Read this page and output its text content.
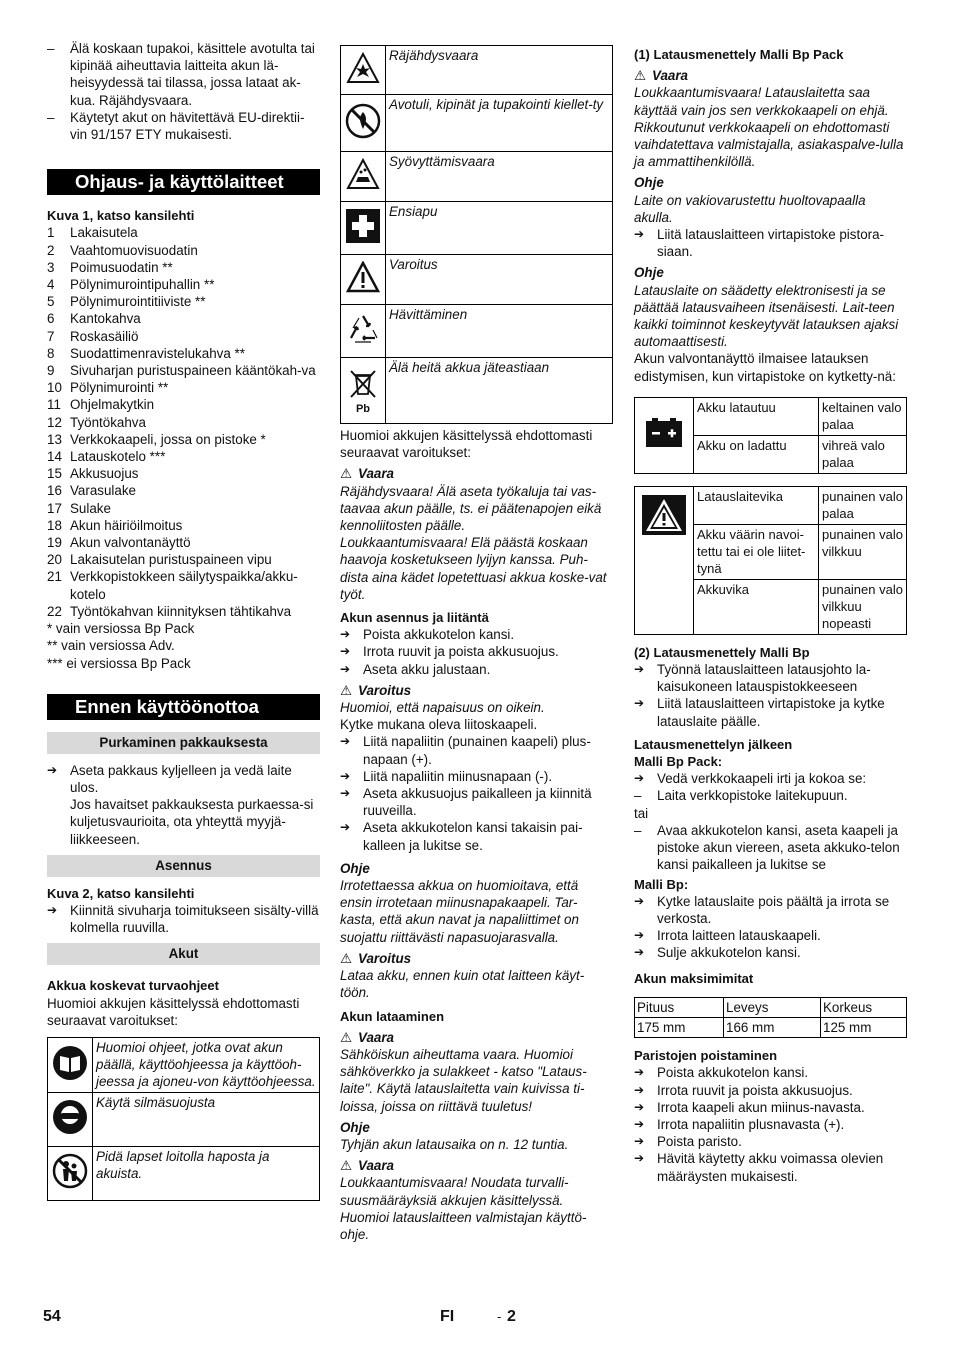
– Älä koskaan tupakoi, käsittele avotulta tai kipinää aiheuttavia laitteita akun lä-heisyydessä tai tilassa, jossa lataat ak-kua. Räjähdysvaara.

– Käytetyt akut on hävitettävä EU-direktii-vin 91/157 ETY mukaisesti.

Ohjaus- ja käyttölaitteet

Kuva 1, katso kansilehti

1 Lakaisutela

2 Vaahtomuovisuodatin

3 Poimusuodatin **

4 Pölynimurointipuhallin **

5 Pölynimurointitiiviste **

6 Kantokahva

7 Roskasäiliö

8 Suodattimenravistelukahva **

9 Sivuharjan puristuspaineen kääntökah-va

10 Pölynimurointi **

11 Ohjelmakytkin

12 Työntökahva

13 Verkkokaapeli, jossa on pistoke *

14 Latauskotelo ***

15 Akkusuojus

16 Varasulake

17 Sulake

18 Akun häiriöilmoitus

19 Akun valvontanäyttö

20 Lakaisutelan puristuspaineen vipu

21 Verkkopistokkeen säilytyspaikka/akku-kotelo

22 Työntökahvan kiinnityksen tähtikahva

* vain versiossa Bp Pack

** vain versiossa Adv.

*** ei versiossa Bp Pack

Ennen käyttöönottoa
Purkaminen pakkauksesta

➔ Aseta pakkaus kyljelleen ja vedä laite ulos.

Jos havaitset pakkauksesta purkaessa-si kuljetusvaurioita, ota yhteyttä myyjä-liikkeeseen.

Asennus

Kuva 2, katso kansilehti

➔ Kiinnitä sivuharja toimitukseen sisälty-villä kolmella ruuvilla.

Akut

Akkua koskevat turvaohjeet

Huomioi akkujen käsittelyssä ehdottomasti seuraavat varoitukset:

	Huomioi ohjeet, jotka ovat akun päällä, käyttöohjeessa ja käyttöoh-jeessa ja ajoneu-von käyttöohjeessa.
	Käytä silmäsuojusta
	Pidä lapset loitolla haposta ja akuista.
	Räjähdysvaara
	Avotuli, kipinät ja tupakointi kiellet-ty
	Syövyttämisvaara
	Ensiapu
	Varoitus
	Hävittäminen

Pb	Älä heitä akkua jäteastiaan

Huomioi akkujen käsittelyssä ehdottomasti seuraavat varoitukset:

⚠ Vaara

Räjähdysvaara! Älä aseta työkaluja tai vas-taavaa akun päälle, ts. ei päätenapojen eikä kennoliitosten päälle.

Loukkaantumisvaara! Elä päästä koskaan haavoja kosketukseen lyijyn kanssa. Puh-dista aina kädet lopetettuasi akkua koske-vat työt.

Akun asennus ja liitäntä

➔ Poista akkukotelon kansi.

➔ Irrota ruuvit ja poista akkusuojus.

➔ Aseta akku jalustaan.

⚠ Varoitus

Huomioi, että napaisuus on oikein.

Kytke mukana oleva liitoskaapeli.

➔ Liitä napaliitin (punainen kaapeli) plus-napaan (+).

➔ Liitä napaliitin miinusnapaan (-).

➔ Aseta akkusuojus paikalleen ja kiinnitä ruuveilla.

➔ Aseta akkukotelon kansi takaisin pai-kalleen ja lukitse se.

Ohje

Irrotettaessa akkua on huomioitava, että ensin irrotetaan miinusnapakaapeli. Tar-kasta, että akun navat ja napaliittimet on suojattu riittävästi napasuojarasvalla.

⚠ Varoitus

Lataa akku, ennen kuin otat laitteen käyt-töön.

Akun lataaminen

⚠ Vaara

Sähköiskun aiheuttama vaara. Huomioi sähköverkko ja sulakkeet - katso "Lataus-laite". Käytä latauslaitetta vain kuivissa ti-loissa, joissa on riittävä tuuletus!

Ohje

Tyhjän akun latausaika on n. 12 tuntia.

⚠ Vaara

Loukkaantumisvaara! Noudata turvalli-suusmääräyksiä akkujen käsittelyssä. Huomioi latauslaitteen valmistajan käyttö-ohje.

(1) Latausmenettely Malli Bp Pack

⚠ Vaara

Loukkaantumisvaara! Latauslaitetta saa käyttää vain jos sen verkkokaapeli on ehjä. Rikkoutunut verkkokaapeli on ehdottomasti vaihdatettava valmistajalla, asiakaspalve-lulla ja ammattihenkilöllä.

Ohje

Laite on vakiovarustettu huoltovapaalla akulla.

➔ Liitä latauslaitteen virtapistoke pistora-siaan.

Ohje

Latauslaite on säädetty elektronisesti ja se päättää latausvaiheen itsenäisesti. Lait-teen kaikki toiminnot keskeytyvät latauksen ajaksi automaattisesti.

Akun valvontanäyttö ilmaisee latauksen edistymisen, kun virtapistoke on kytketty-nä:

	Akku latautuu	keltainen valo palaa
	Akku on ladattu	vihreä valo palaa
	Latauslaitevika	punainen valo palaa
	Akku väärin navoi-tettu tai ei ole liitet-tynä	punainen valo vilkkuu
	Akkuvika	punainen valo vilkkuu nopeasti

(2) Latausmenettely Malli Bp

➔ Työnnä latauslaitteen latausjohto la-kaisukoneen latauspistokkeeseen

➔ Liitä latauslaitteen virtapistoke ja kytke latauslaite päälle.

Latausmenettelyn jälkeen

Malli Bp Pack:

➔ Vedä verkkokaapeli irti ja kokoa se:

– Laita verkkopistoke laitekupuun.

tai

– Avaa akkukotelon kansi, aseta kaapeli ja pistoke akun viereen, aseta akkuko-telon kansi paikalleen ja lukitse se

Malli Bp:

➔ Kytke latauslaite pois päältä ja irrota se verkosta.

➔ Irrota laitteen latauskaapeli.

➔ Sulje akkukotelon kansi.

Akun maksimimitat

Pituus	Leveys	Korkeus
175 mm	166 mm	125 mm

Paristojen poistaminen

➔ Poista akkukotelon kansi.

➔ Irrota ruuvit ja poista akkusuojus.

➔ Irrota kaapeli akun miinus-navasta.

➔ Irrota napaliitin plusnavasta (+).

➔ Poista paristo.

➔ Hävitä käytetty akku voimassa olevien määräysten mukaisesti.

54	FI	- 2
